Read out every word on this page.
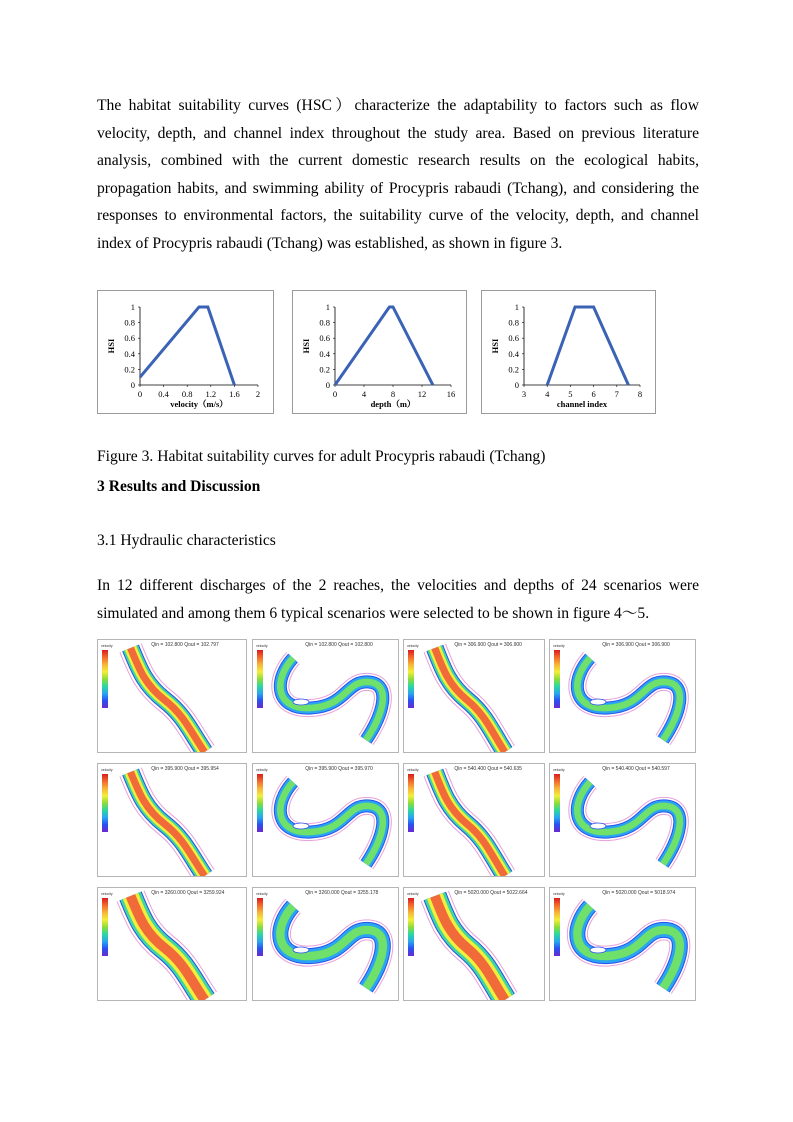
The habitat suitability curves (HSC）characterize the adaptability to factors such as flow velocity, depth, and channel index throughout the study area. Based on previous literature analysis, combined with the current domestic research results on the ecological habits, propagation habits, and swimming ability of Procypris rabaudi (Tchang), and considering the responses to environmental factors, the suitability curve of the velocity, depth, and channel index of Procypris rabaudi (Tchang) was established, as shown in figure 3.
0
0.2
0.4
0.6
0.8
1
0 0.4 0.8 1.2 1.6 2
velocity（m/s）
HSI
0
0.2
0.4
0.6
0.8
1
0	4	8	12 16
depth（m）
HSI
0
0.2
0.4
0.6
0.8
1
3 4 5 6 7 8
channel index
HSI
Figure 3. Habitat suitability curves for adult Procypris rabaudi (Tchang)
3 Results and Discussion
3.1 Hydraulic characteristics
In 12 different discharges of the 2 reaches, the velocities and depths of 24 scenarios were simulated and among them 6 typical scenarios were selected to be shown in figure 4～5.
Qin = 102.800 Qout = 102.797
velocity	Qin = 102.800 Qout = 102.800
velocity	Qin = 306.900 Qout = 306.900
velocity	Qin = 306.900 Qout = 306.900
velocity
Qin = 395.900 Qout = 395.954
velocity	Qin = 395.900 Qout = 395.970
velocity	Qin = 540.400 Qout = 540.635
velocity	Qin = 540.400 Qout = 540.597
velocity
Qin = 3260.000 Qout = 3259.924
velocity	Qin = 3260.000 Qout = 3255.178
velocity	Qin = 5020.000 Qout = 5022.664
velocity	Qin = 5020.000 Qout = 5018.974
velocity
